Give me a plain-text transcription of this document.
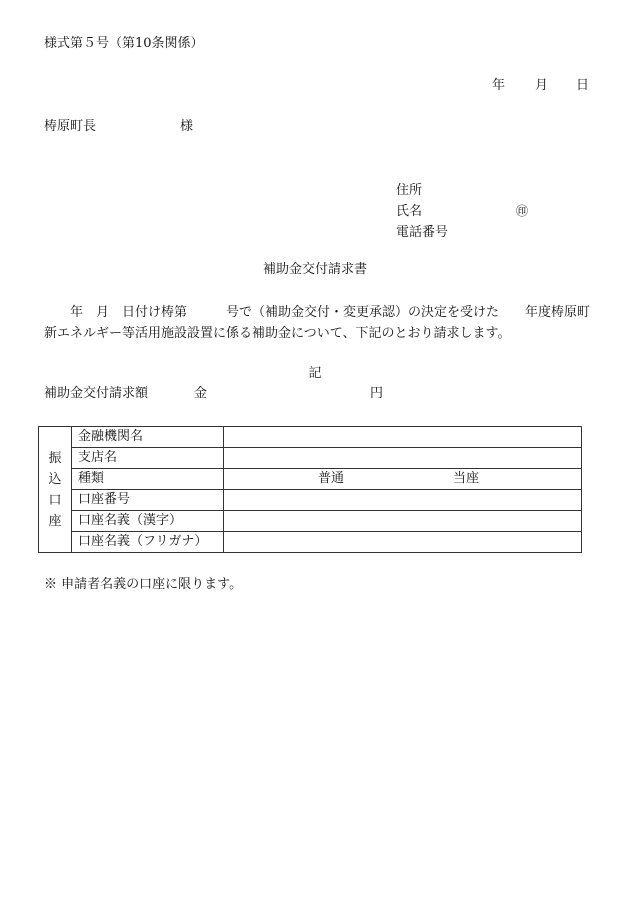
様式第５号（第10条関係）
年 月 日
梼原町長	様
住所
氏名	㊞
電話番号
補助金交付請求書
年　月　日付け梼第　　　号で（補助金交付・変更承認）の決定を受けた　　年度梼原町新エネルギー等活用施設設置に係る補助金について、下記のとおり請求します。
記
補助金交付請求額	金	円
振
込
口
座	金融機関名	
	支店名	
	種類	普通 当座
	口座番号	
	口座名義（漢字）	
	口座名義（フリガナ）	
※ 申請者名義の口座に限ります。
